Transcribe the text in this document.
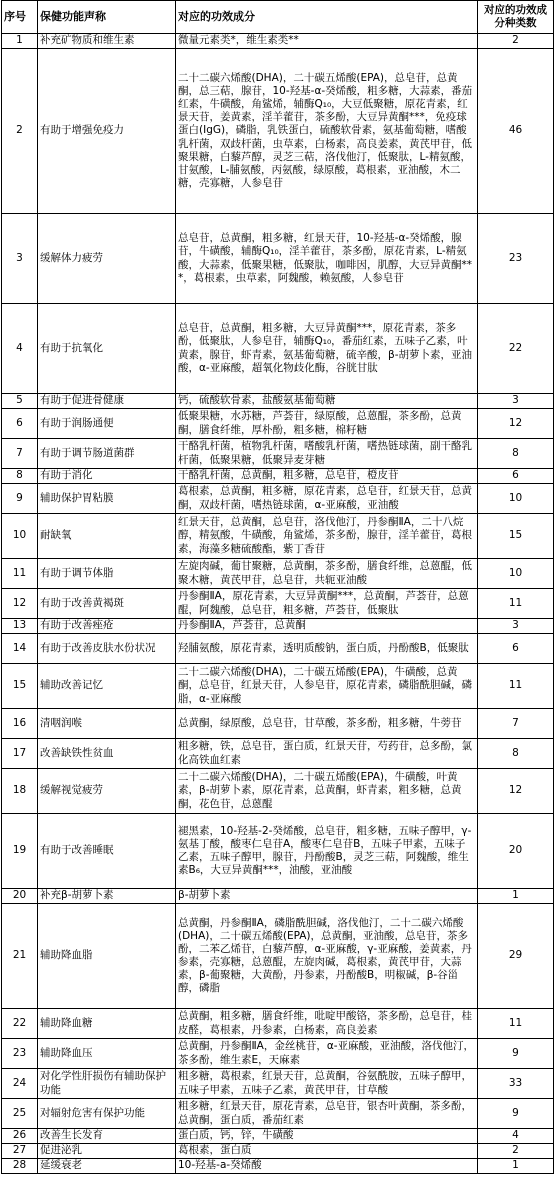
序号	保健功能声称	对应的功效成分	对应的功效成分种类数
1	补充矿物质和维生素	微量元素类*，维生素类**	2
2	有助于增强免疫力	二十二碳六烯酸(DHA)，二十碳五烯酸(EPA)，总皂苷，总黄酮，总三萜，腺苷，10-羟基-α-癸烯酸，粗多糖，大蒜素，番茄红素，牛磺酸，角鲨烯，辅酶Q₁₀，大豆低聚糖，原花青素，红景天苷，姜黄素，淫羊藿苷，茶多酚，大豆异黄酮***，免疫球蛋白(IgG)，磷脂，乳铁蛋白，硫酸软骨素，氨基葡萄糖，嗜酸乳杆菌，双歧杆菌，虫草素，白杨素，高良姜素，黄芪甲苷，低聚果糖，白藜芦醇，灵芝三萜，洛伐他汀，低聚肽，L-精氨酸，甘氨酸，L-脯氨酸，丙氨酸，绿原酸，葛根素，亚油酸，木二糖，壳寡糖，人参皂苷	46
3	缓解体力疲劳	总皂苷，总黄酮，粗多糖，红景天苷，10-羟基-α-癸烯酸，腺苷，牛磺酸，辅酶Q₁₀，淫羊藿苷，茶多酚，原花青素，L-精氨酸，大蒜素，低聚果糖，低聚肽，咖啡因，肌醇，大豆异黄酮***，葛根素，虫草素，阿魏酸，赖氨酸，人参皂苷	23
4	有助于抗氧化	总皂苷，总黄酮，粗多糖，大豆异黄酮***，原花青素，茶多酚，低聚肽，人参皂苷，辅酶Q₁₀，番茄红素，五味子乙素，叶黄素，腺苷，虾青素，氨基葡萄糖，硫辛酸，β-胡萝卜素，亚油酸，α-亚麻酸，超氧化物歧化酶，谷胱甘肽	22
5	有助于促进骨健康	钙，硫酸软骨素，盐酸氨基葡萄糖	3
6	有助于润肠通便	低聚果糖，水苏糖，芦荟苷，绿原酸，总蒽醌，茶多酚，总黄酮，膳食纤维，厚朴酚，粗多糖，棉籽糖	12
7	有助于调节肠道菌群	干酪乳杆菌，植物乳杆菌，嗜酸乳杆菌，嗜热链球菌，副干酪乳杆菌，低聚果糖，低聚异麦芽糖	8
8	有助于消化	干酪乳杆菌，总黄酮，粗多糖，总皂苷，橙皮苷	6
9	辅助保护胃粘膜	葛根素，总黄酮，粗多糖，原花青素，总皂苷，红景天苷，总黄酮，双歧杆菌，嗜热链球菌，α-亚麻酸，亚油酸	10
10	耐缺氧	红景天苷，总黄酮，总皂苷，洛伐他汀，丹参酮ⅡA，二十八烷醇，精氨酸，牛磺酸，角鲨烯，茶多酚，腺苷，淫羊藿苷，葛根素，海藻多糖硫酸酯，紫丁香苷	15
11	有助于调节体脂	左旋肉碱，葡甘聚糖，总黄酮，茶多酚，膳食纤维，总蒽醌，低聚木糖，黄芪甲苷，总皂苷，共轭亚油酸	10
12	有助于改善黄褐斑	丹参酮ⅡA，原花青素，大豆异黄酮***，总黄酮，芦荟苷，总蒽醌，阿魏酸，总皂苷，粗多糖，芦荟苷，低聚肽	11
13	有助于改善痤疮	丹参酮ⅡA，芦荟苷，总黄酮	3
14	有助于改善皮肤水份状况	羟脯氨酸，原花青素，透明质酸钠，蛋白质，丹酚酸B，低聚肽	6
15	辅助改善记忆	二十二碳六烯酸(DHA)，二十碳五烯酸(EPA)，牛磺酸，总黄酮，总皂苷，红景天苷，人参皂苷，原花青素，磷脂酰胆碱，磷脂，α-亚麻酸	11
16	清咽润喉	总黄酮，绿原酸，总皂苷，甘草酸，茶多酚，粗多糖，牛蒡苷	7
17	改善缺铁性贫血	粗多糖，铁，总皂苷，蛋白质，红景天苷，芍药苷，总多酚，氯化高铁血红素	8
18	缓解视觉疲劳	二十二碳六烯酸(DHA)，二十碳五烯酸(EPA)，牛磺酸，叶黄素，β-胡萝卜素，原花青素，总黄酮，虾青素，粗多糖，总黄酮，花色苷，总蒽醌	12
19	有助于改善睡眠	褪黑素，10-羟基-2-癸烯酸，总皂苷，粗多糖，五味子醇甲，γ-氨基丁酸，酸枣仁皂苷A，酸枣仁皂苷B，五味子甲素，五味子乙素，五味子醇甲，腺苷，丹酚酸B，灵芝三萜，阿魏酸，维生素B₆，大豆异黄酮***，油酸，亚油酸	20
20	补充β-胡萝卜素	β-胡萝卜素	1
21	辅助降血脂	总黄酮，丹参酮ⅡA，磷脂酰胆碱，洛伐他汀，二十二碳六烯酸(DHA)，二十碳五烯酸(EPA)，总黄酮，亚油酸，总皂苷，茶多酚，二苯乙烯苷，白藜芦醇，α-亚麻酸，γ-亚麻酸，姜黄素，丹参素，壳寡糖，总蒽醌，左旋肉碱，葛根素，黄芪甲苷，大蒜素，β-葡聚糖，大黄酚，丹参素，丹酚酸B，明椒碱，β-谷甾醇，磷脂	29
22	辅助降血糖	总黄酮，粗多糖，膳食纤维，吡啶甲酸铬，茶多酚，总皂苷，桂皮醛，葛根素，丹参素，白杨素，高良姜素	11
23	辅助降血压	总黄酮，丹参酮ⅡA，金丝桃苷，α-亚麻酸，亚油酸，洛伐他汀，茶多酚，维生素E，天麻素	9
24	对化学性肝损伤有辅助保护功能	粗多糖，葛根素，红景天苷，总黄酮，谷氨酰胺，五味子醇甲，五味子甲素，五味子乙素，黄芪甲苷，甘草酸	33
25	对辐射危害有保护功能	粗多糖，红景天苷，原花青素，总皂苷，银杏叶黄酮，茶多酚，总黄酮，蛋白质，番茄红素	9
26	改善生长发育	蛋白质，钙，锌，牛磺酸	4
27	促进泌乳	葛根素，蛋白质	2
28	延缓衰老	10-羟基-a-癸烯酸	1
